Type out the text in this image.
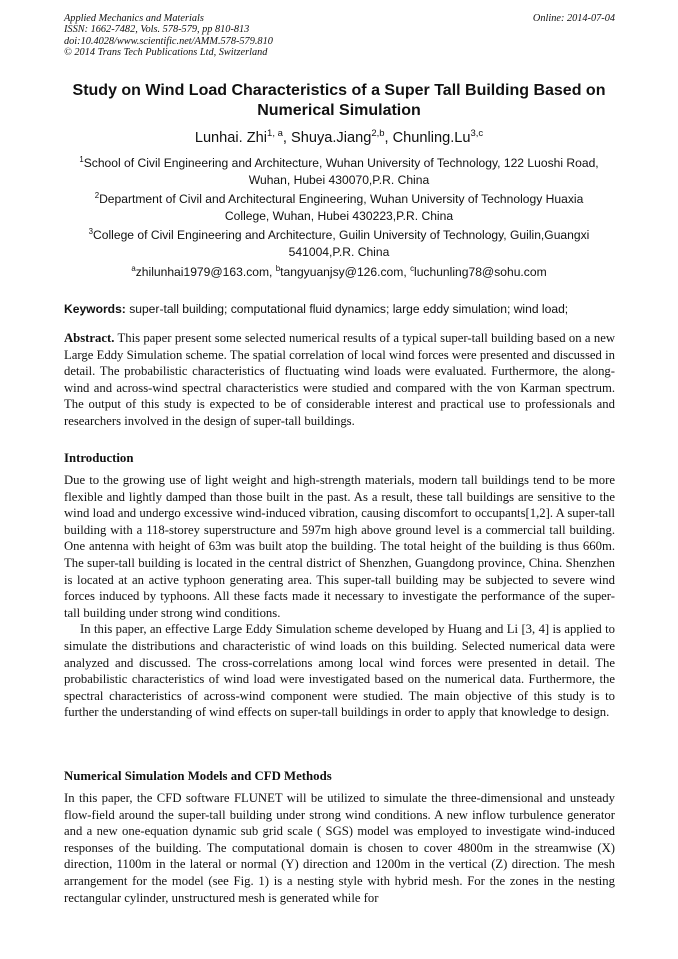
Applied Mechanics and Materials
ISSN: 1662-7482, Vols. 578-579, pp 810-813
doi:10.4028/www.scientific.net/AMM.578-579.810
© 2014 Trans Tech Publications Ltd, Switzerland
Online: 2014-07-04
Study on Wind Load Characteristics of a Super Tall Building Based on
Numerical Simulation
Lunhai. Zhi$^{1, a}$, Shuya.Jiang$^{2,b}$, Chunling.Lu$^{3,c}$
$^1$School of Civil Engineering and Architecture, Wuhan University of Technology, 122 Luoshi Road,
Wuhan, Hubei 430070,P.R. China
$^2$Department of Civil and Architectural Engineering, Wuhan University of Technology Huaxia
College, Wuhan, Hubei 430223,P.R. China
$^3$College of Civil Engineering and Architecture, Guilin University of Technology, Guilin,Guangxi
541004,P.R. China
$^a$zhilunhai1979@163.com, $^b$tangyuanjsy@126.com, $^c$luchunling78@sohu.com
Keywords: super-tall building; computational fluid dynamics; large eddy simulation; wind load;
Abstract. This paper present some selected numerical results of a typical super-tall building based on a new Large Eddy Simulation scheme. The spatial correlation of local wind forces were presented and discussed in detail. The probabilistic characteristics of fluctuating wind loads were evaluated. Furthermore, the along-wind and across-wind spectral characteristics were studied and compared with the von Karman spectrum. The output of this study is expected to be of considerable interest and practical use to professionals and researchers involved in the design of super-tall buildings.
Introduction
Due to the growing use of light weight and high-strength materials, modern tall buildings tend to be more flexible and lightly damped than those built in the past. As a result, these tall buildings are sensitive to the wind load and undergo excessive wind-induced vibration, causing discomfort to occupants[1,2]. A super-tall building with a 118-storey superstructure and 597m high above ground level is a commercial tall building. One antenna with height of 63m was built atop the building. The total height of the building is thus 660m. The super-tall building is located in the central district of Shenzhen, Guangdong province, China. Shenzhen is located at an active typhoon generating area. This super-tall building may be subjected to severe wind forces induced by typhoons. All these facts made it necessary to investigate the performance of the super-tall building under strong wind conditions.
In this paper, an effective Large Eddy Simulation scheme developed by Huang and Li [3, 4] is applied to simulate the distributions and characteristic of wind loads on this building. Selected numerical data were analyzed and discussed. The cross-correlations among local wind forces were presented in detail. The probabilistic characteristics of wind load were investigated based on the numerical data. Furthermore, the spectral characteristics of across-wind component were studied. The main objective of this study is to further the understanding of wind effects on super-tall buildings in order to apply that knowledge to design.
Numerical Simulation Models and CFD Methods
In this paper, the CFD software FLUNET will be utilized to simulate the three-dimensional and unsteady flow-field around the super-tall building under strong wind conditions. A new inflow turbulence generator and a new one-equation dynamic sub grid scale ( SGS) model was employed to investigate wind-induced responses of the building. The computational domain is chosen to cover 4800m in the streamwise (X) direction, 1100m in the lateral or normal (Y) direction and 1200m in the vertical (Z) direction. The mesh arrangement for the model (see Fig. 1) is a nesting style with hybrid mesh. For the zones in the nesting rectangular cylinder, unstructured mesh is generated while for
